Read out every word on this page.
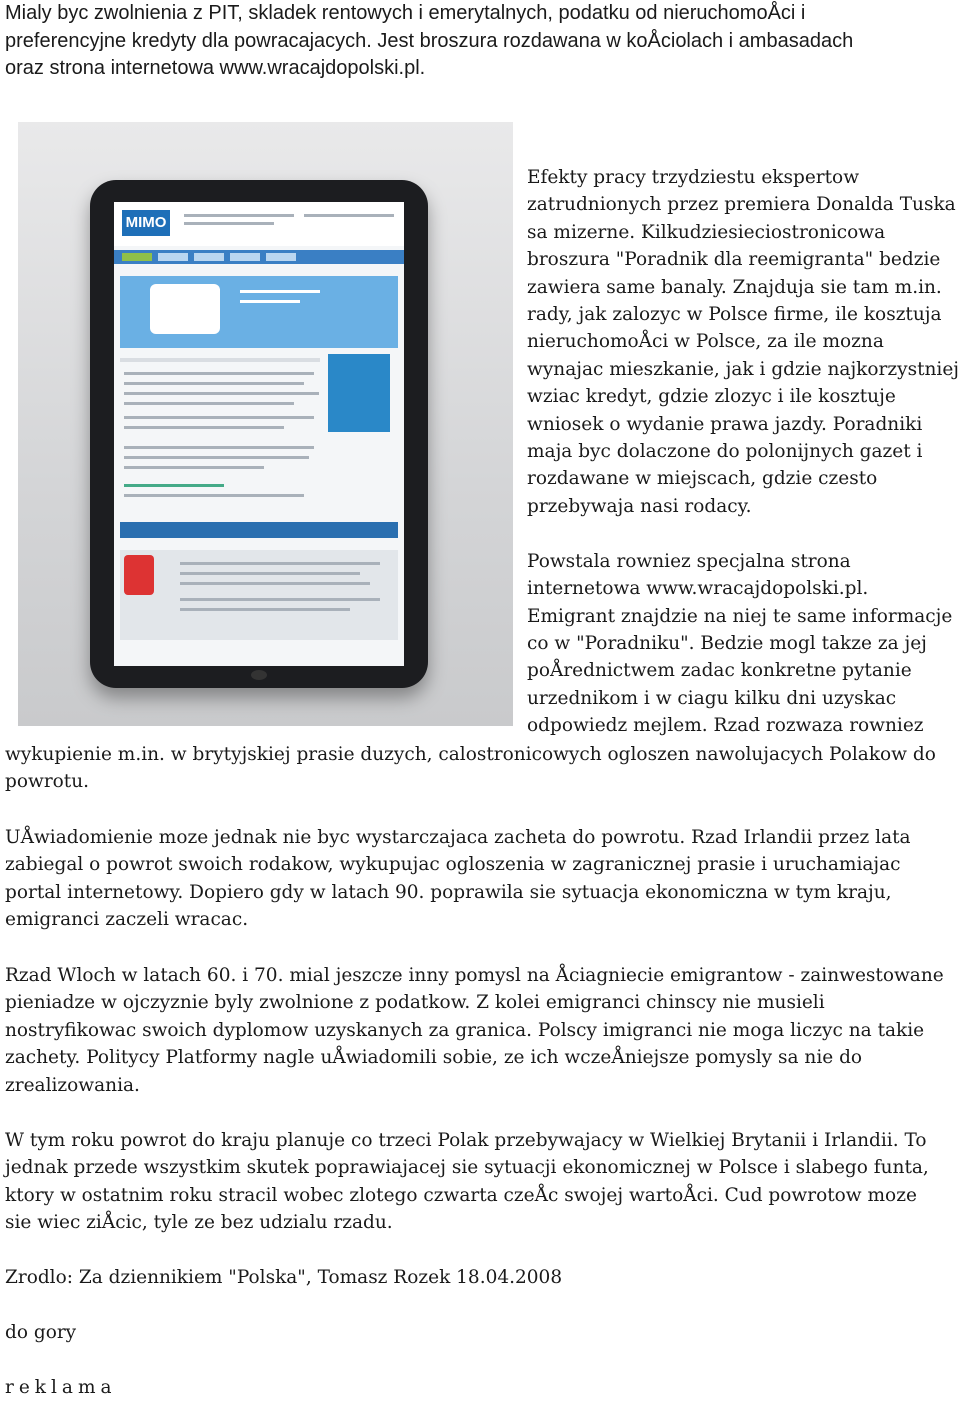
Mialy byc zwolnienia z PIT, skladek rentowych i emerytalnych, podatku od nieruchomoÅci i
preferencyjne kredyty dla powracajacych. Jest broszura rozdawana w koÅciolach i ambasadach
oraz strona internetowa www.wracajdopolski.pl.
MIMO
Efekty pracy trzydziestu ekspertow
zatrudnionych przez premiera Donalda Tuska
sa mizerne. Kilkudziesieciostronicowa
broszura "Poradnik dla reemigranta" bedzie
zawiera same banaly. Znajduja sie tam m.in.
rady, jak zalozyc w Polsce firme, ile kosztuja
nieruchomoÅci w Polsce, za ile mozna
wynajac mieszkanie, jak i gdzie najkorzystniej
wziac kredyt, gdzie zlozyc i ile kosztuje
wniosek o wydanie prawa jazdy. Poradniki
maja byc dolaczone do polonijnych gazet i
rozdawane w miejscach, gdzie czesto
przebywaja nasi rodacy.

Powstala rowniez specjalna strona
internetowa www.wracajdopolski.pl.
Emigrant znajdzie na niej te same informacje
co w "Poradniku". Bedzie mogl takze za jej
poÅrednictwem zadac konkretne pytanie
urzednikom i w ciagu kilku dni uzyskac
odpowiedz mejlem. Rzad rozwaza rowniez
wykupienie m.in. w brytyjskiej prasie duzych, calostronicowych ogloszen nawolujacych Polakow do
powrotu.
UÅwiadomienie moze jednak nie byc wystarczajaca zacheta do powrotu. Rzad Irlandii przez lata
zabiegal o powrot swoich rodakow, wykupujac ogloszenia w zagranicznej prasie i uruchamiajac
portal internetowy. Dopiero gdy w latach 90. poprawila sie sytuacja ekonomiczna w tym kraju,
emigranci zaczeli wracac.
Rzad Wloch w latach 60. i 70. mial jeszcze inny pomysl na Åciagniecie emigrantow - zainwestowane
pieniadze w ojczyznie byly zwolnione z podatkow. Z kolei emigranci chinscy nie musieli
nostryfikowac swoich dyplomow uzyskanych za granica. Polscy imigranci nie moga liczyc na takie
zachety. Politycy Platformy nagle uÅwiadomili sobie, ze ich wczeÅniejsze pomysly sa nie do
zrealizowania.
W tym roku powrot do kraju planuje co trzeci Polak przebywajacy w Wielkiej Brytanii i Irlandii. To
jednak przede wszystkim skutek poprawiajacej sie sytuacji ekonomicznej w Polsce i slabego funta,
ktory w ostatnim roku stracil wobec zlotego czwarta czeÅc swojej wartoÅci. Cud powrotow moze
sie wiec ziÅcic, tyle ze bez udzialu rzadu.
Zrodlo: Za dziennikiem "Polska", Tomasz Rozek 18.04.2008
do gory
reklama
